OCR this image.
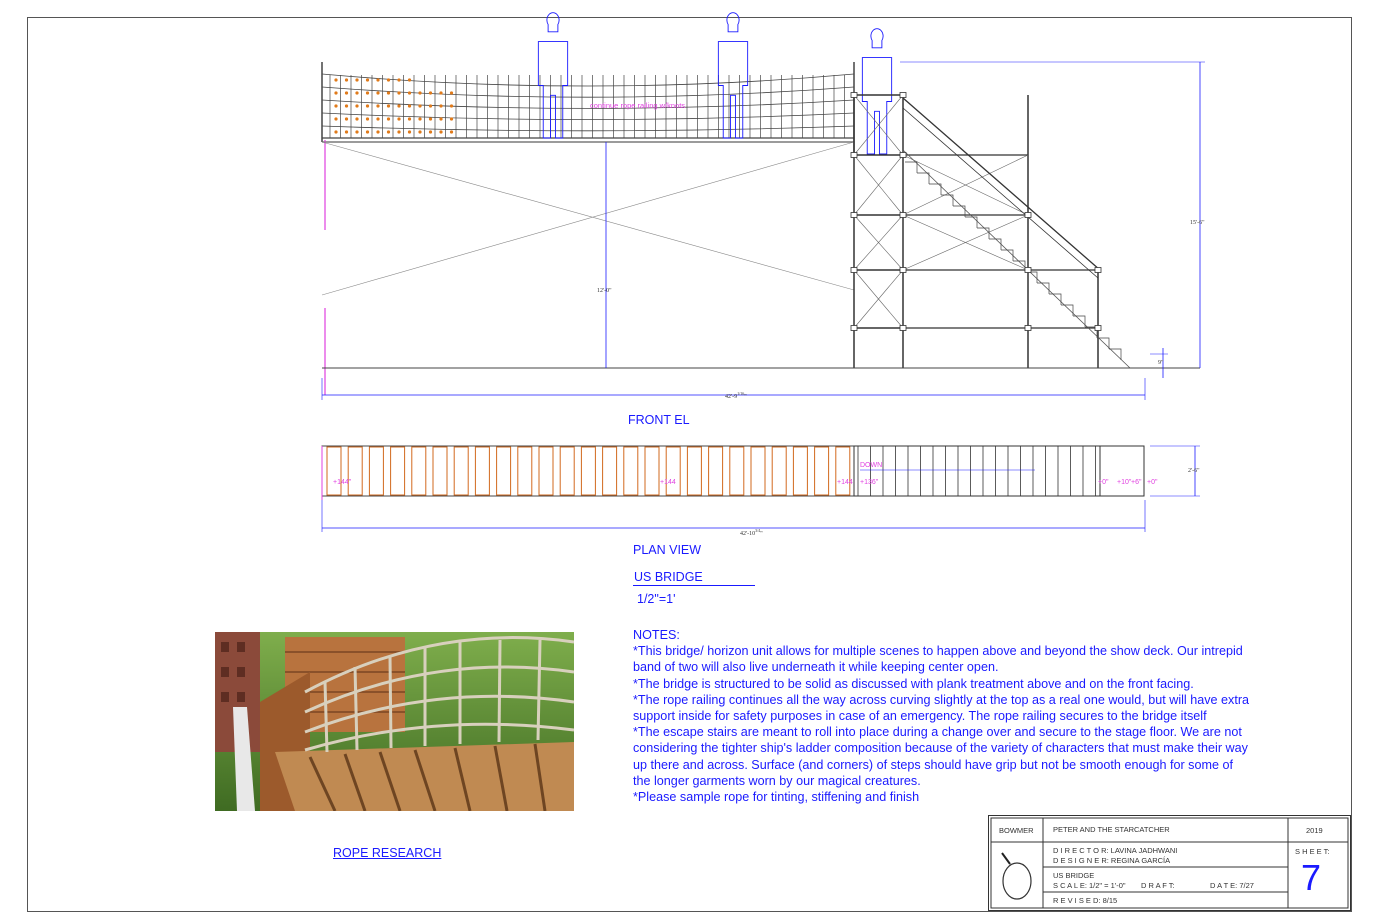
FRONT EL
PLAN VIEW
US BRIDGE
1/2"=1'
continue rope railing w/knots
12'-0"
15'-6"
9"
$42'-9^{1/16}$"
$42'-10^{3/4}$"
2'-6"
DOWN
+144"	+144	+144 +136"	+0" +10" +6" +0"
ROPE RESEARCH

NOTES:

*This bridge/ horizon unit allows for multiple scenes to happen above and beyond the show deck. Our intrepid band of two will also live underneath it while keeping center open.

*The bridge is structured to be solid as discussed with plank treatment above and on the front facing.

*The rope railing continues all the way across curving slightly at the top as a real one would, but will have extra support inside for safety purposes in case of an emergency. The rope railing secures to the bridge itself

*The escape stairs are meant to roll into place during a change over and secure to the stage floor. We are not considering the tighter ship's ladder composition because of the variety of characters that must make their way up there and across. Surface (and corners) of steps should have grip but not be smooth enough for some of the longer garments worn by our magical creatures.

*Please sample rope for tinting, stiffening and finish

BOWMER	PETER AND THE STARCATCHER	2019
D I R E C T O R: LAVINA JADHWANI
D E S I G N E R: REGINA GARCÍA
S H E E T:
7
US BRIDGE
S C A L E: 1/2" = 1'-0" D R A F T:	D A T E: 7/27
R E V I S E D: 8/15
